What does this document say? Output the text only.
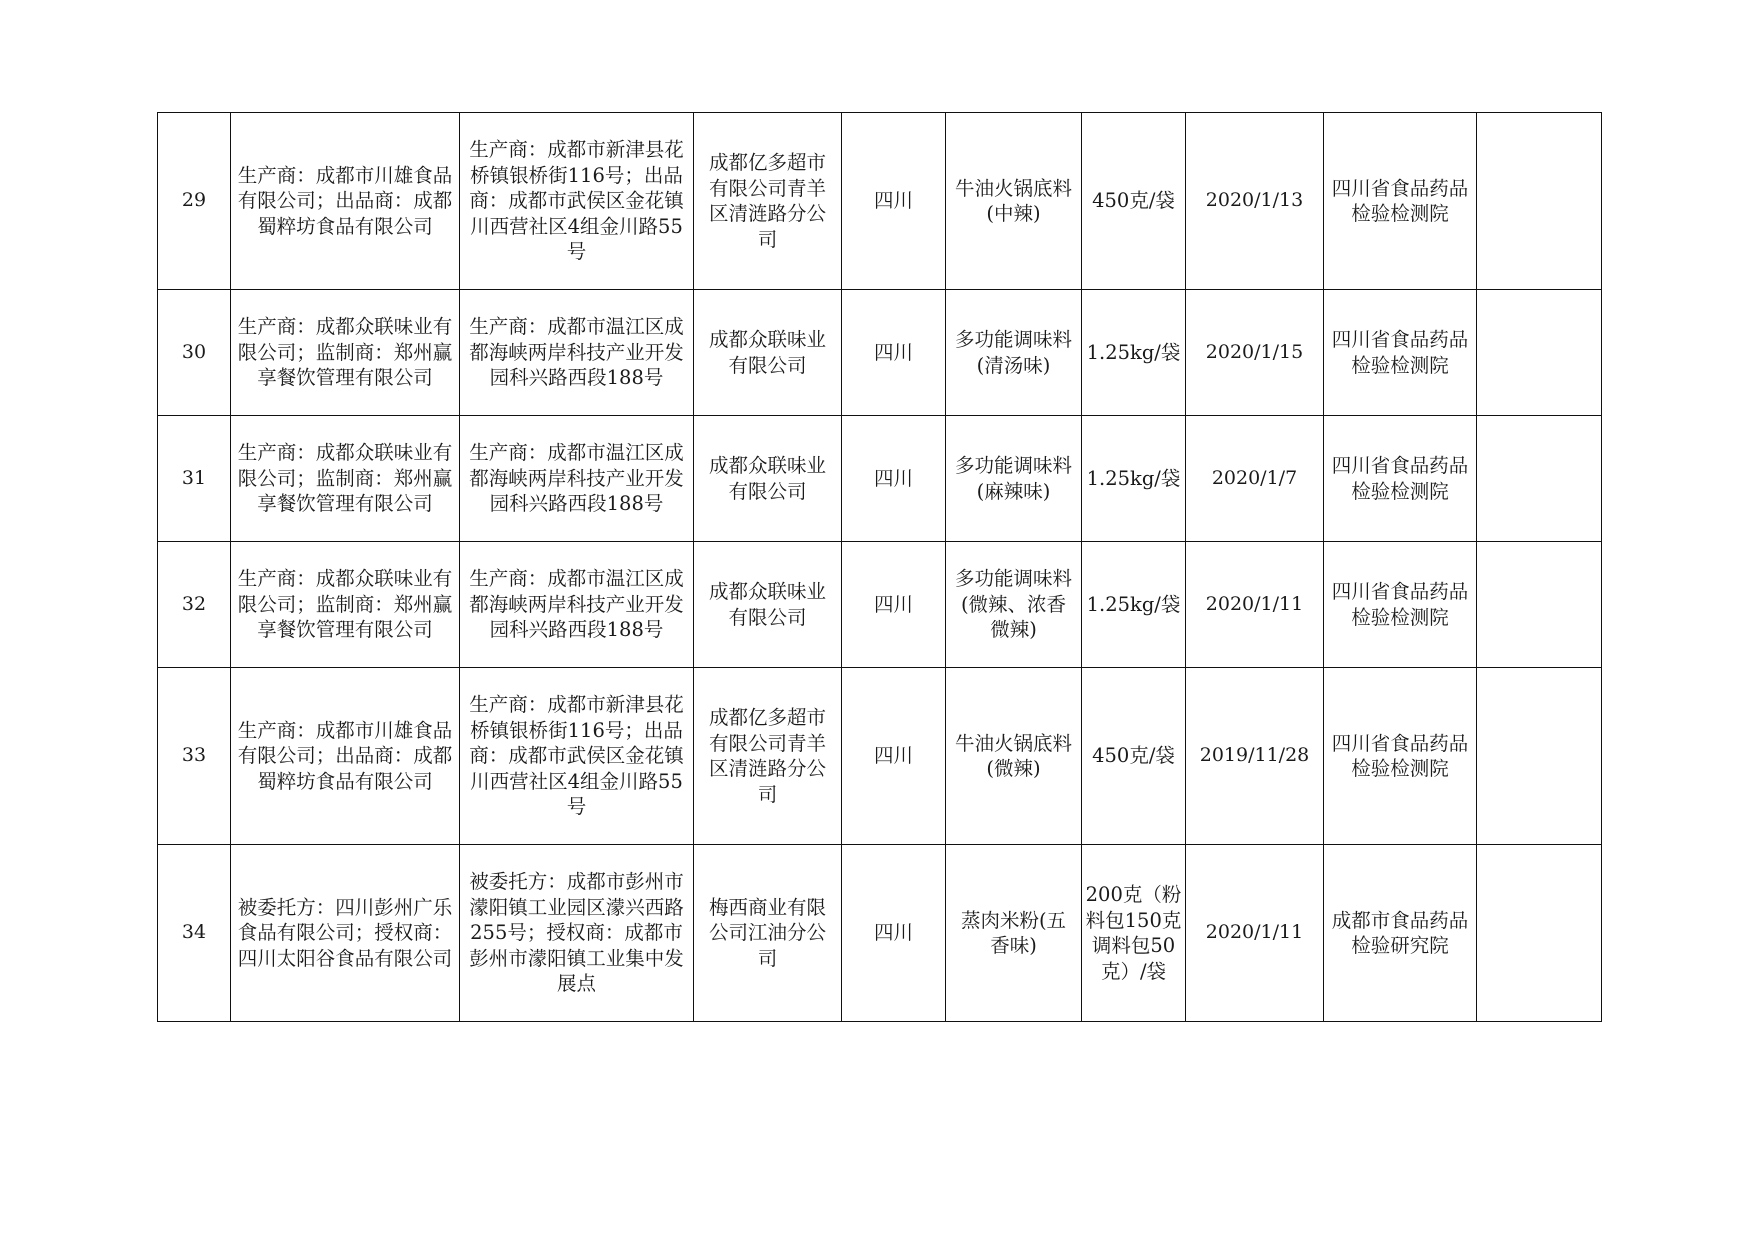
29	生产商：成都市川雄食品有限公司；出品商：成都蜀粹坊食品有限公司	生产商：成都市新津县花桥镇银桥街116号；出品商：成都市武侯区金花镇川西营社区4组金川路55号	成都亿多超市有限公司青羊区清涟路分公司	四川	牛油火锅底料(中辣)	450克/袋	2020/1/13	四川省食品药品检验检测院	
30	生产商：成都众联味业有限公司；监制商：郑州赢享餐饮管理有限公司	生产商：成都市温江区成都海峡两岸科技产业开发园科兴路西段188号	成都众联味业有限公司	四川	多功能调味料(清汤味)	1.25kg/袋	2020/1/15	四川省食品药品检验检测院	
31	生产商：成都众联味业有限公司；监制商：郑州赢享餐饮管理有限公司	生产商：成都市温江区成都海峡两岸科技产业开发园科兴路西段188号	成都众联味业有限公司	四川	多功能调味料(麻辣味)	1.25kg/袋	2020/1/7	四川省食品药品检验检测院	
32	生产商：成都众联味业有限公司；监制商：郑州赢享餐饮管理有限公司	生产商：成都市温江区成都海峡两岸科技产业开发园科兴路西段188号	成都众联味业有限公司	四川	多功能调味料(微辣、浓香微辣)	1.25kg/袋	2020/1/11	四川省食品药品检验检测院	
33	生产商：成都市川雄食品有限公司；出品商：成都蜀粹坊食品有限公司	生产商：成都市新津县花桥镇银桥街116号；出品商：成都市武侯区金花镇川西营社区4组金川路55号	成都亿多超市有限公司青羊区清涟路分公司	四川	牛油火锅底料(微辣)	450克/袋	2019/11/28	四川省食品药品检验检测院	
34	被委托方：四川彭州广乐食品有限公司；授权商：四川太阳谷食品有限公司	被委托方：成都市彭州市濛阳镇工业园区濛兴西路255号；授权商：成都市彭州市濛阳镇工业集中发展点	梅西商业有限公司江油分公司	四川	蒸肉米粉(五香味)	200克（粉料包150克调料包50克）/袋	2020/1/11	成都市食品药品检验研究院	
